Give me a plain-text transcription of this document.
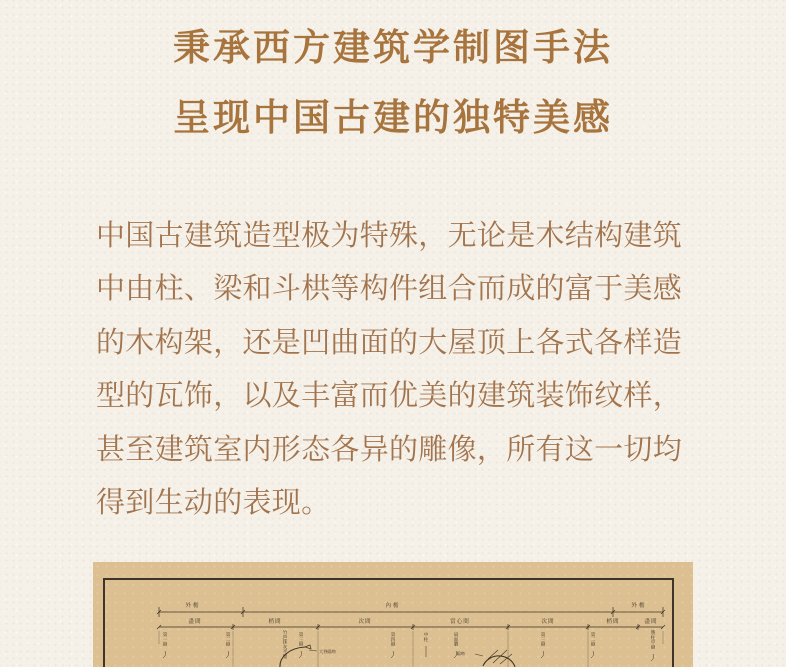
秉承西方建筑学制图手法
呈现中国古建的独特美感
中国古建筑造型极为特殊，无论是木结构建筑
中由柱、梁和斗栱等构件组合而成的富于美感
的木构架，还是凹曲面的大屋顶上各式各样造
型的瓦饰，以及丰富而优美的建筑装饰纹样，
甚至建筑室内形态各异的雕像，所有这一切均
得到生动的表现。
外檐	內檐	外檐
盡間	梢間	次間	當心間	次間	梢間	盡間
第一縫
第二縫
竹笆抹灰平闇
第三縫
第四縫
中柱
扇面牆
第三縫
第二縫
簷柱中縫
大脊鴟吻	鴟吻
